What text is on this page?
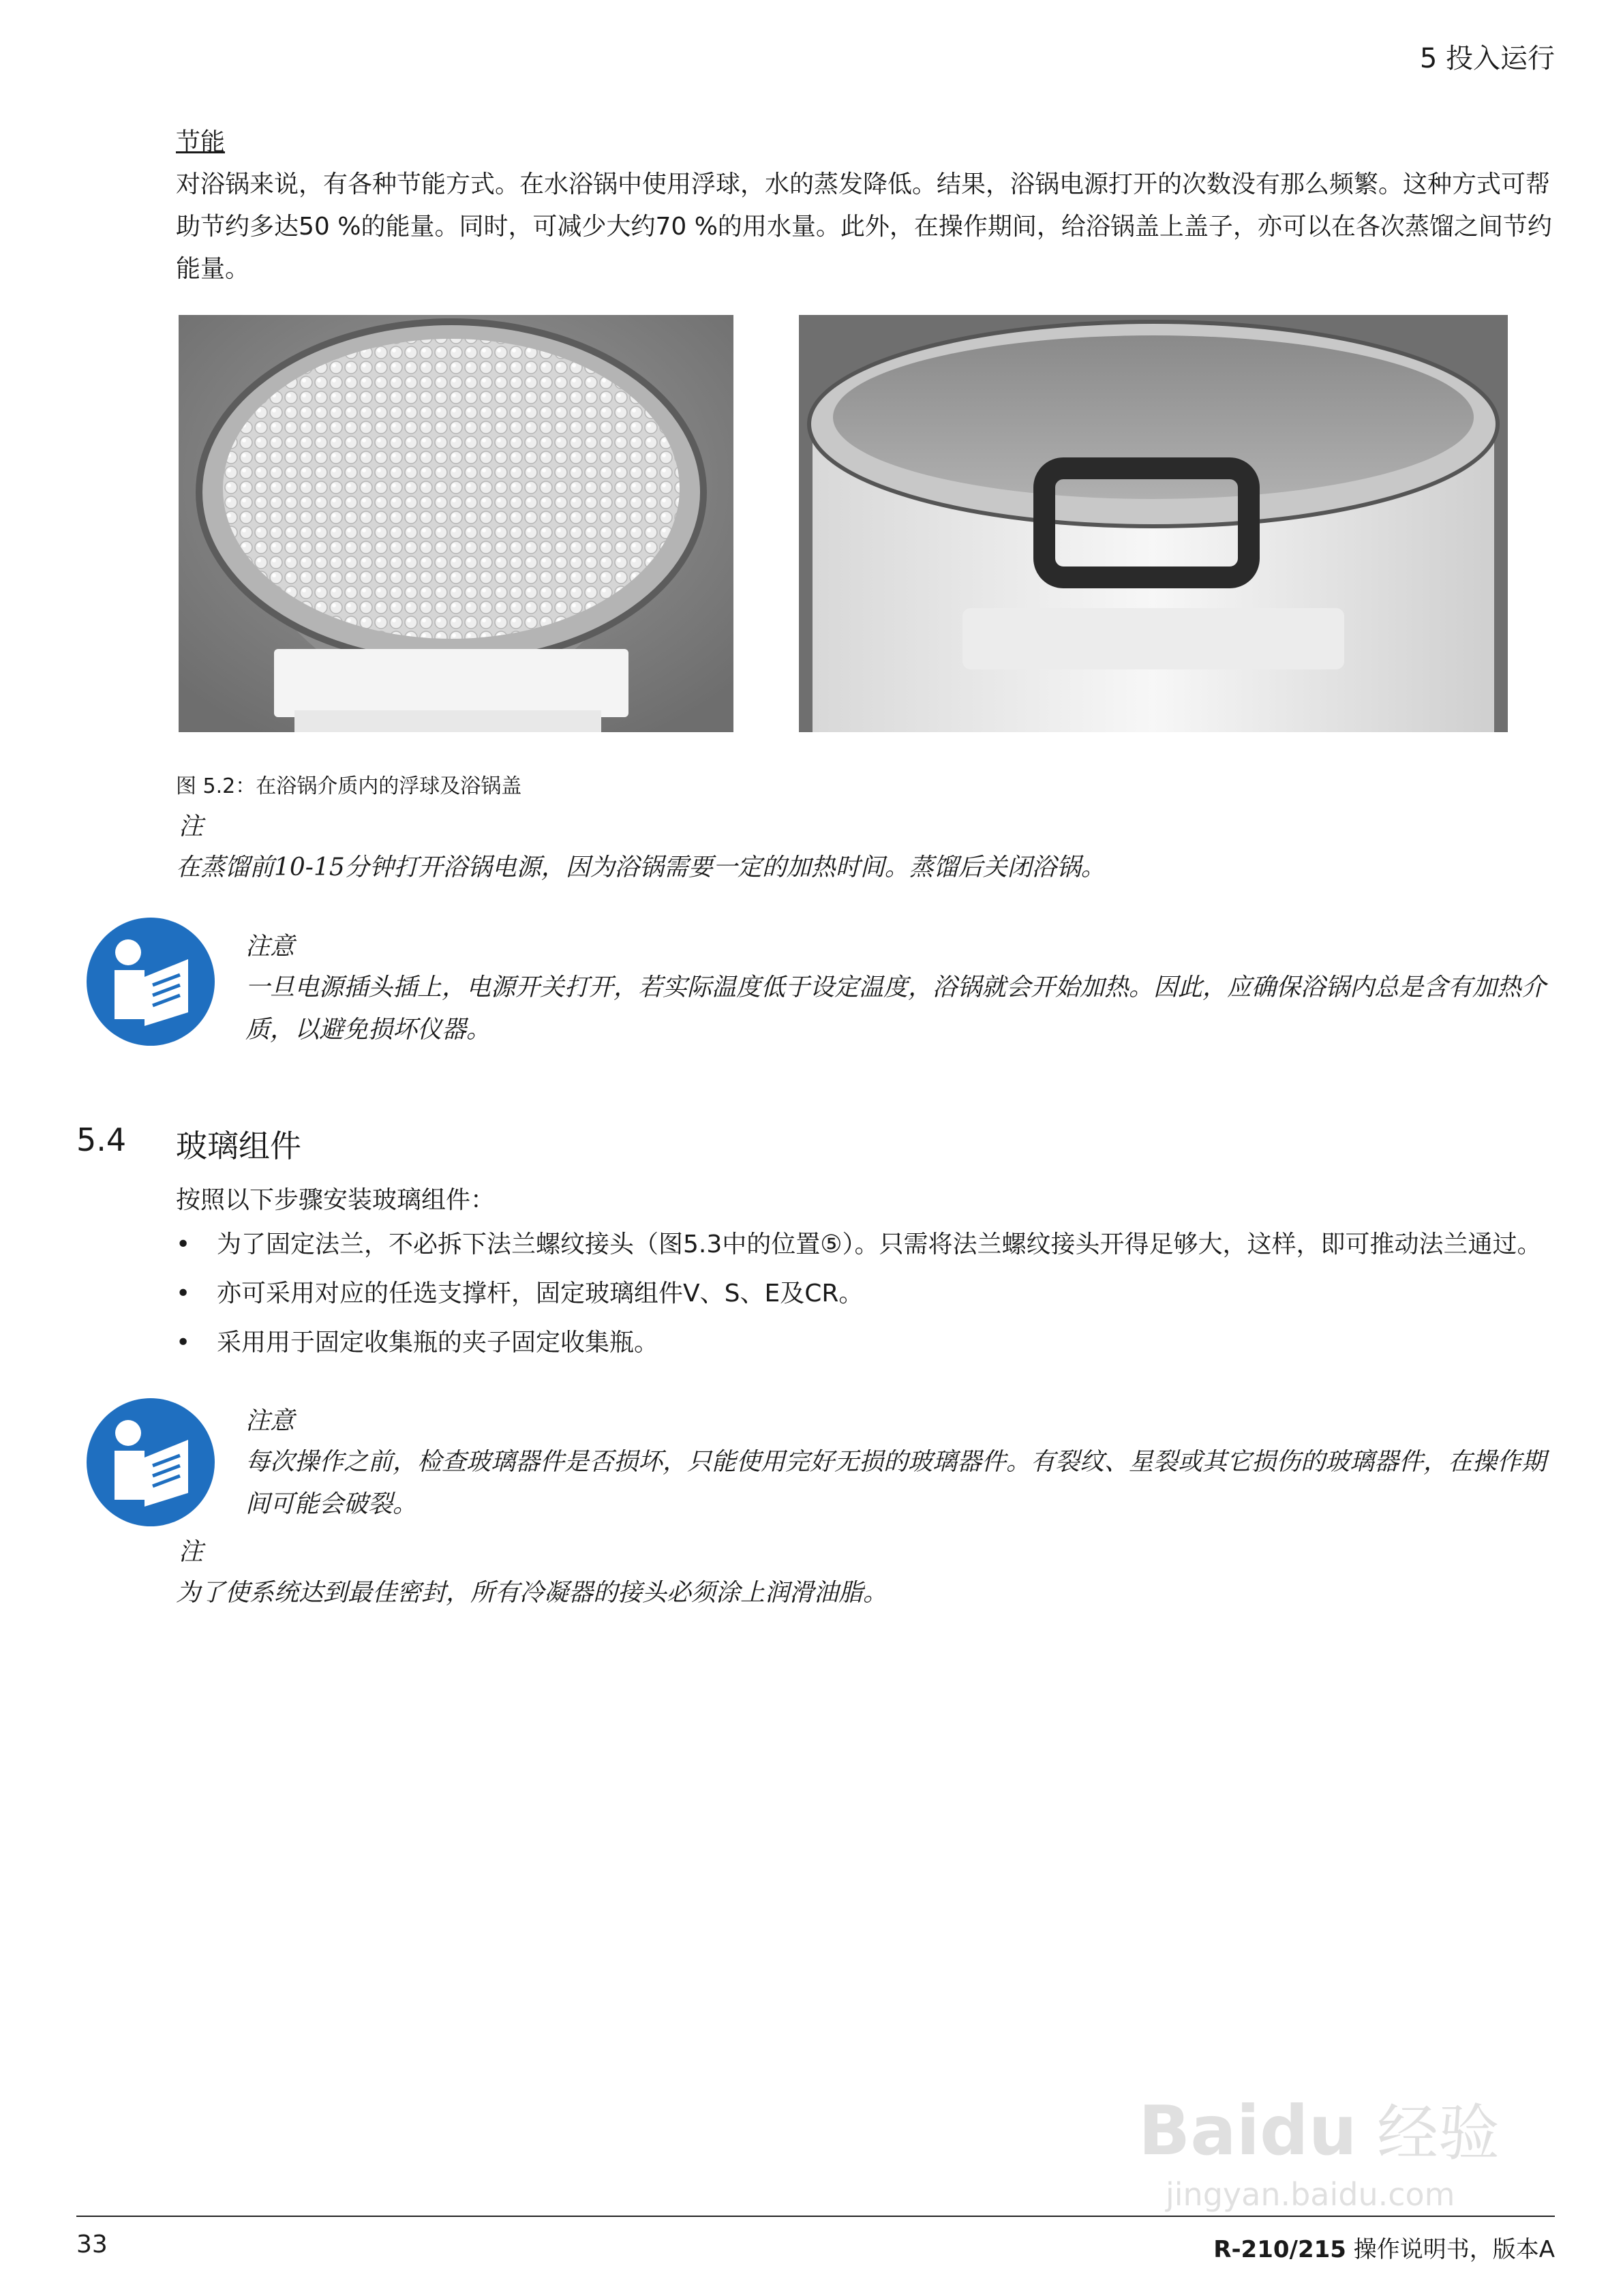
5 投入运行
节能
对浴锅来说，有各种节能方式。在水浴锅中使用浮球，水的蒸发降低。结果，浴锅电源打开的次数没有那么频繁。这种方式可帮助节约多达50 %的能量。同时，可减少大约70 %的用水量。此外，在操作期间，给浴锅盖上盖子，亦可以在各次蒸馏之间节约能量。
图 5.2：在浴锅介质内的浮球及浴锅盖
注
在蒸馏前10-15分钟打开浴锅电源，因为浴锅需要一定的加热时间。蒸馏后关闭浴锅。
注意
一旦电源插头插上，电源开关打开，若实际温度低于设定温度，浴锅就会开始加热。因此，应确保浴锅内总是含有加热介质，以避免损坏仪器。
5.4 玻璃组件
按照以下步骤安装玻璃组件：
• 为了固定法兰，不必拆下法兰螺纹接头（图5.3中的位置⑤）。只需将法兰螺纹接头开得足够大，这样，即可推动法兰通过。
• 亦可采用对应的任选支撑杆，固定玻璃组件V、S、E及CR。
• 采用用于固定收集瓶的夹子固定收集瓶。
注意
每次操作之前，检查玻璃器件是否损坏，只能使用完好无损的玻璃器件。有裂纹、星裂或其它损伤的玻璃器件，在操作期间可能会破裂。
注
为了使系统达到最佳密封，所有冷凝器的接头必须涂上润滑油脂。
Baidu 经验
jingyan.baidu.com
33	R-210/215 操作说明书，版本A
